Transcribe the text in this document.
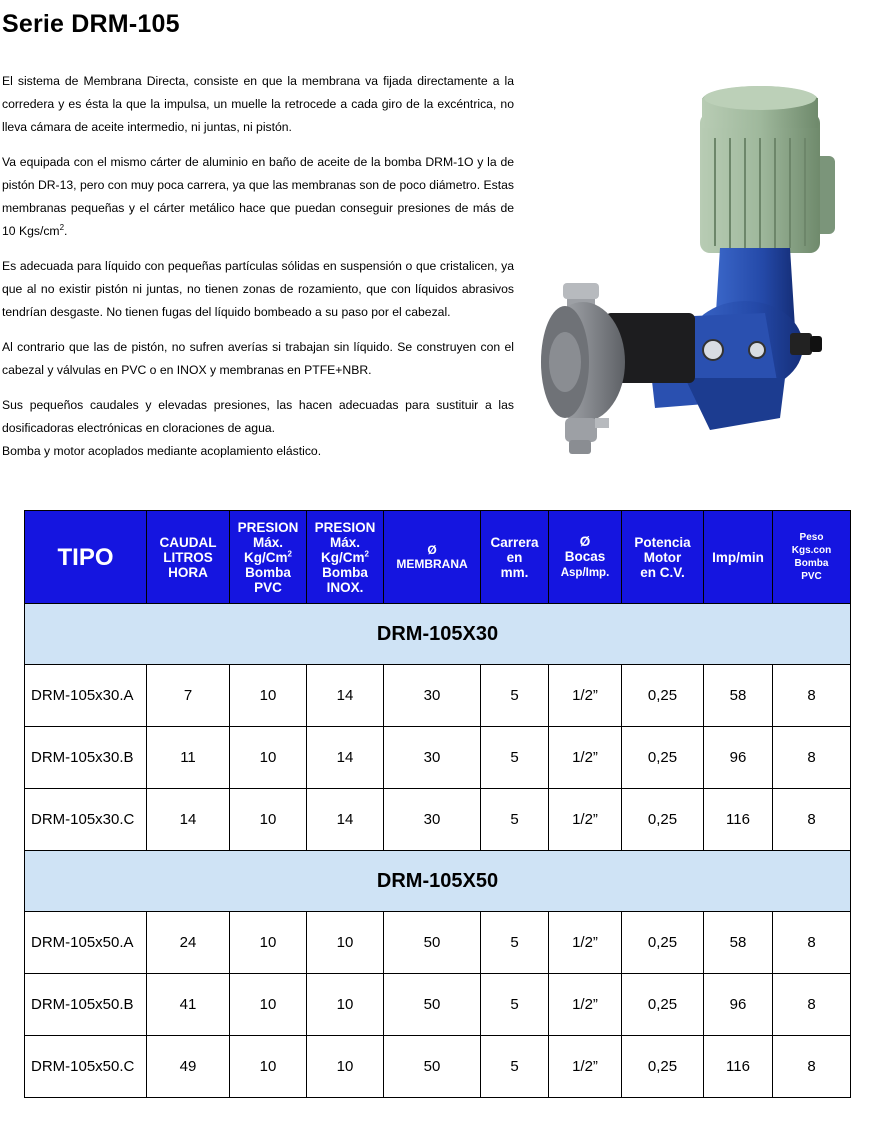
Serie DRM-105

El sistema de Membrana Directa, consiste en que la membrana va fijada directamente a la corredera y es ésta la que la impulsa, un muelle la retrocede a cada giro de la excéntrica, no lleva cámara de aceite intermedio, ni juntas, ni pistón.

Va equipada con el mismo cárter de aluminio en baño de aceite de la bomba DRM-1O y la de pistón DR-13, pero con muy poca carrera, ya que las membranas son de poco diámetro. Estas membranas pequeñas y el cárter metálico hace que puedan conseguir presiones de más de 10 Kgs/$cm^2$.

Es adecuada para líquido con pequeñas partículas sólidas en suspensión o que cristalicen, ya que al no existir pistón ni juntas, no tienen zonas de rozamiento, que con líquidos abrasivos tendrían desgaste. No tienen fugas del líquido bombeado a su paso por el cabezal.

Al contrario que las de pistón, no sufren averías si trabajan sin líquido. Se construyen con el cabezal y válvulas en PVC o en INOX y membranas en PTFE+NBR.

Sus pequeños caudales y elevadas presiones, las hacen adecuadas para sustituir a las dosificadoras electrónicas en cloraciones de agua.

Bomba y motor acoplados mediante acoplamiento elástico.

TIPO	CAUDAL
LITROS
HORA	PRESION
Máx.
Kg/Cm$^2$
Bomba
PVC	PRESION
Máx.
Kg/Cm$^2$
Bomba
INOX.	Ø
MEMBRANA	Carrera
en
mm.	Ø
Bocas
Asp/Imp.	Potencia
Motor
en C.V.	Imp/min	Peso
Kgs.con
Bomba
PVC
DRM-105X30									
DRM-105x30.A	7	10	14	30	5	1/2”	0,25	58	8
DRM-105x30.B	11	10	14	30	5	1/2”	0,25	96	8
DRM-105x30.C	14	10	14	30	5	1/2”	0,25	116	8
DRM-105X50									
DRM-105x50.A	24	10	10	50	5	1/2”	0,25	58	8
DRM-105x50.B	41	10	10	50	5	1/2”	0,25	96	8
DRM-105x50.C	49	10	10	50	5	1/2”	0,25	116	8
